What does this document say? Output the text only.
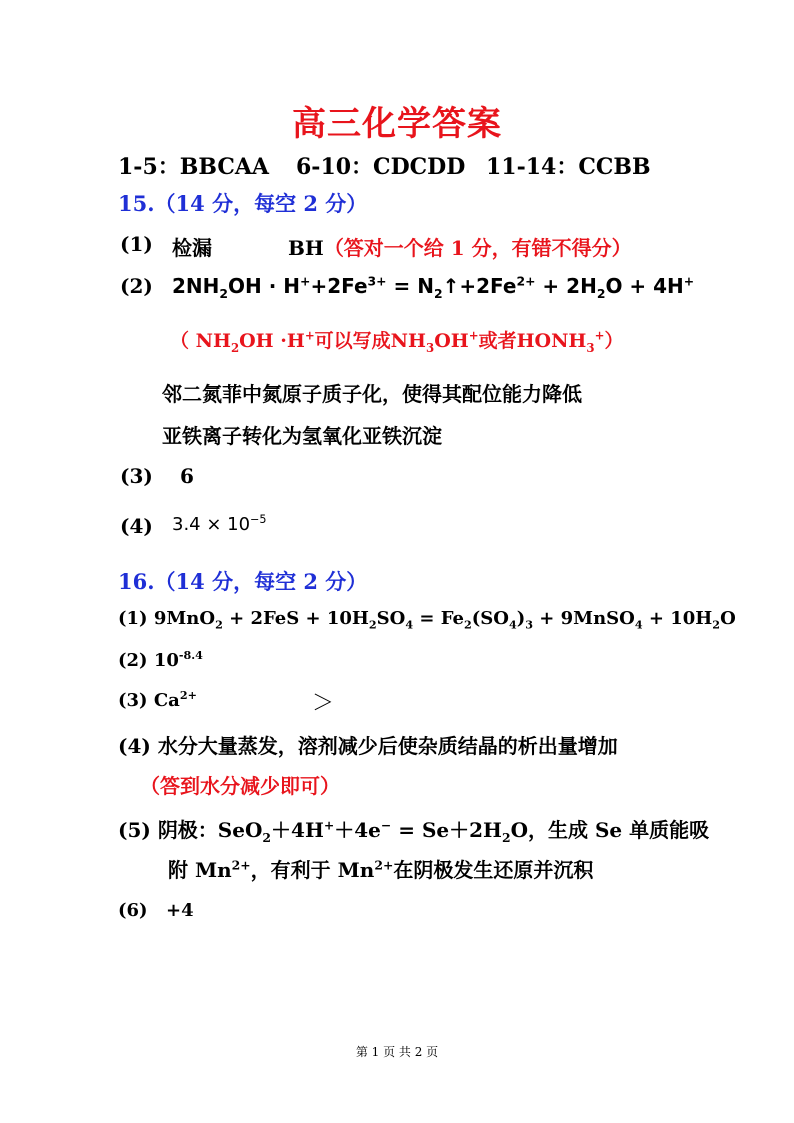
高三化学答案
1-5：BBCAA 6-10：CDCDD 11-14：CCBB
15.（14 分，每空 2 分）
(1) 检漏	BH（答对一个给 1 分，有错不得分）
(2) $2NH_2OH \cdot H^++2Fe^{3+}$ = $N_2↑+2Fe^{2+} + 2H_2O + 4H^+$
（ $NH_2OH \cdot H^+$可以写成$NH_3OH^+$或者$HONH_3^+$）
邻二氮菲中氮原子质子化，使得其配位能力降低
亚铁离子转化为氢氧化亚铁沉淀
(3) 6
(4) $3.4 \times 10^{-5}$
16.（14 分，每空 2 分）
(1) $9MnO_2 + 2FeS + 10H_2SO_4 = Fe_2(SO_4)_3$ + 9MnSO$_4$ + $10H_2O$
(2) $10^{-8.4}$
(3) $Ca^{2+}$	＞
(4) 水分大量蒸发，溶剂减少后使杂质结晶的析出量增加
（答到水分减少即可）
(5) 阴极：$SeO_2+4H^++4e^- = Se+2H_2O$，生成 Se 单质能吸
附 $Mn^{2+}$，有利于 $Mn^{2+}$在阴极发生还原并沉积
(6) +4
第 1 页 共 2 页
